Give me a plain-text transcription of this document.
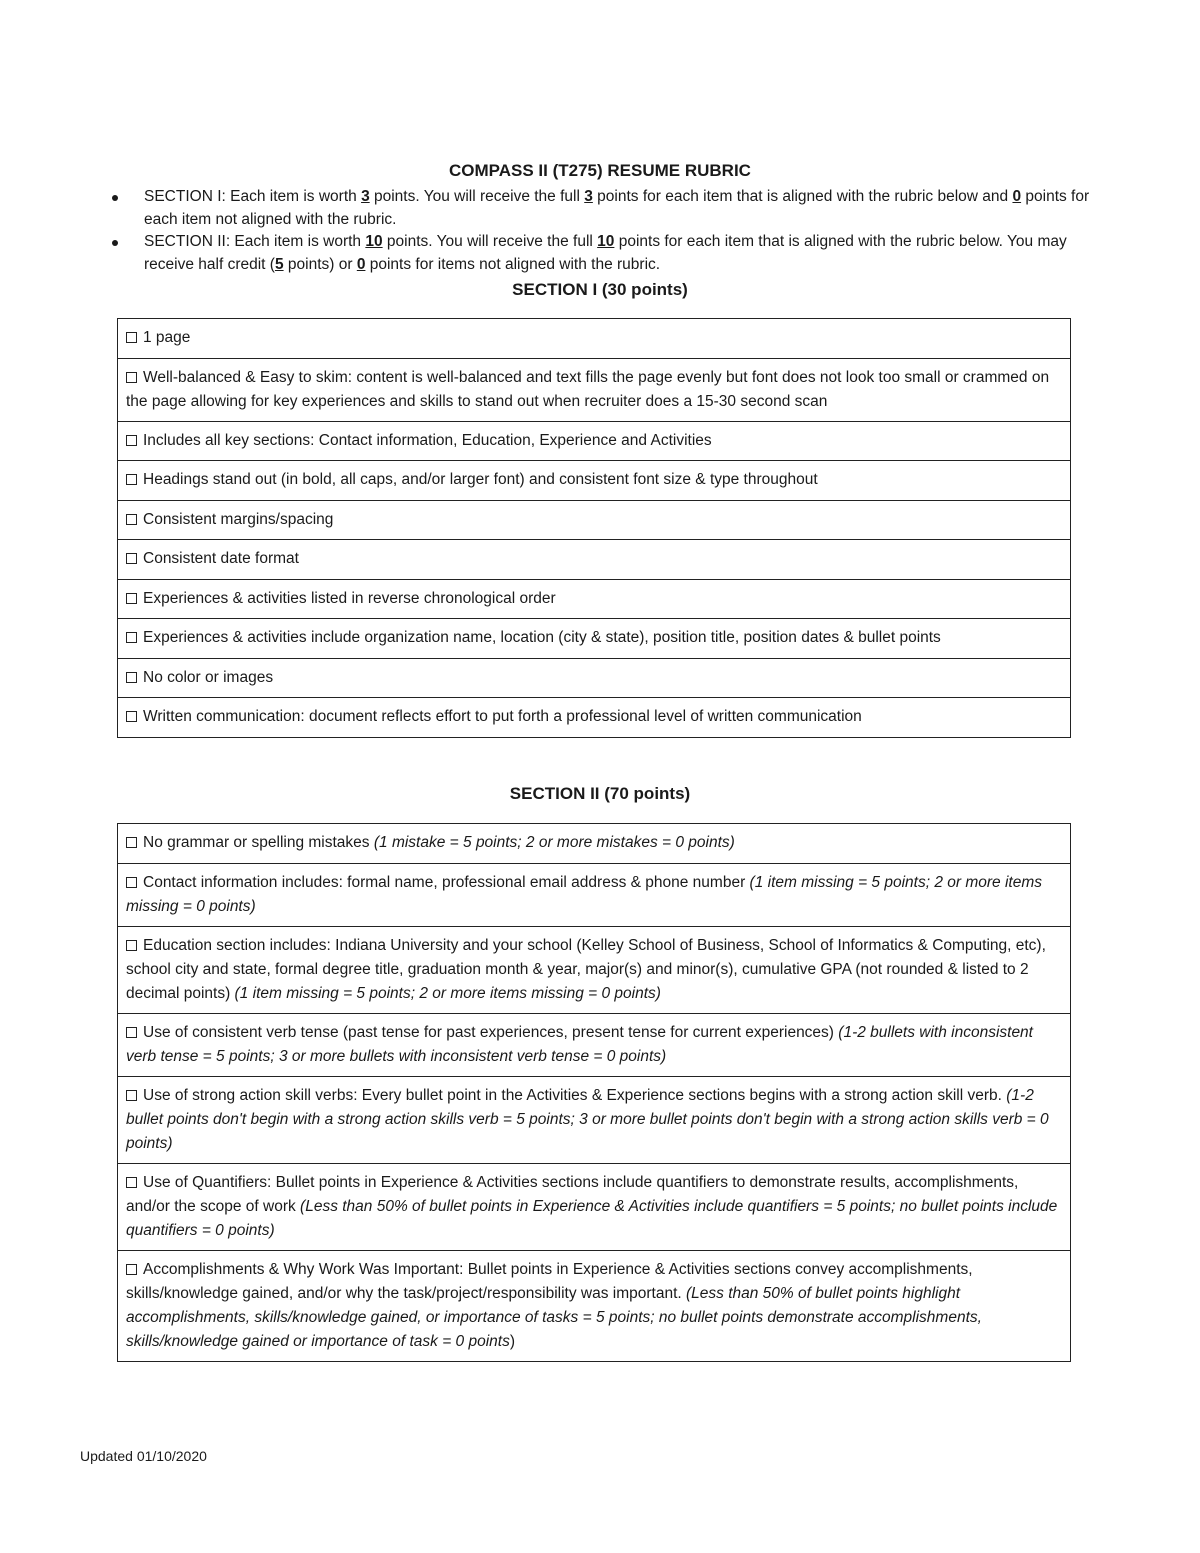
COMPASS II (T275) RESUME RUBRIC
SECTION I: Each item is worth 3 points. You will receive the full 3 points for each item that is aligned with the rubric below and 0 points for each item not aligned with the rubric.
SECTION II: Each item is worth 10 points. You will receive the full 10 points for each item that is aligned with the rubric below. You may receive half credit (5 points) or 0 points for items not aligned with the rubric.
SECTION I (30 points)
1 page
Well-balanced & Easy to skim: content is well-balanced and text fills the page evenly but font does not look too small or crammed on the page allowing for key experiences and skills to stand out when recruiter does a 15-30 second scan
Includes all key sections: Contact information, Education, Experience and Activities
Headings stand out (in bold, all caps, and/or larger font) and consistent font size & type throughout
Consistent margins/spacing
Consistent date format
Experiences & activities listed in reverse chronological order
Experiences & activities include organization name, location (city & state), position title, position dates & bullet points
No color or images
Written communication: document reflects effort to put forth a professional level of written communication
SECTION II (70 points)
No grammar or spelling mistakes (1 mistake = 5 points; 2 or more mistakes = 0 points)
Contact information includes: formal name, professional email address & phone number (1 item missing = 5 points; 2 or more items missing = 0 points)
Education section includes: Indiana University and your school (Kelley School of Business, School of Informatics & Computing, etc), school city and state, formal degree title, graduation month & year, major(s) and minor(s), cumulative GPA (not rounded & listed to 2 decimal points) (1 item missing = 5 points; 2 or more items missing = 0 points)
Use of consistent verb tense (past tense for past experiences, present tense for current experiences) (1-2 bullets with inconsistent verb tense = 5 points; 3 or more bullets with inconsistent verb tense = 0 points)
Use of strong action skill verbs: Every bullet point in the Activities & Experience sections begins with a strong action skill verb. (1-2 bullet points don't begin with a strong action skills verb = 5 points; 3 or more bullet points don't begin with a strong action skills verb = 0 points)
Use of Quantifiers: Bullet points in Experience & Activities sections include quantifiers to demonstrate results, accomplishments, and/or the scope of work (Less than 50% of bullet points in Experience & Activities include quantifiers = 5 points; no bullet points include quantifiers = 0 points)
Accomplishments & Why Work Was Important: Bullet points in Experience & Activities sections convey accomplishments, skills/knowledge gained, and/or why the task/project/responsibility was important. (Less than 50% of bullet points highlight accomplishments, skills/knowledge gained, or importance of tasks = 5 points; no bullet points demonstrate accomplishments, skills/knowledge gained or importance of task = 0 points)
Updated 01/10/2020
